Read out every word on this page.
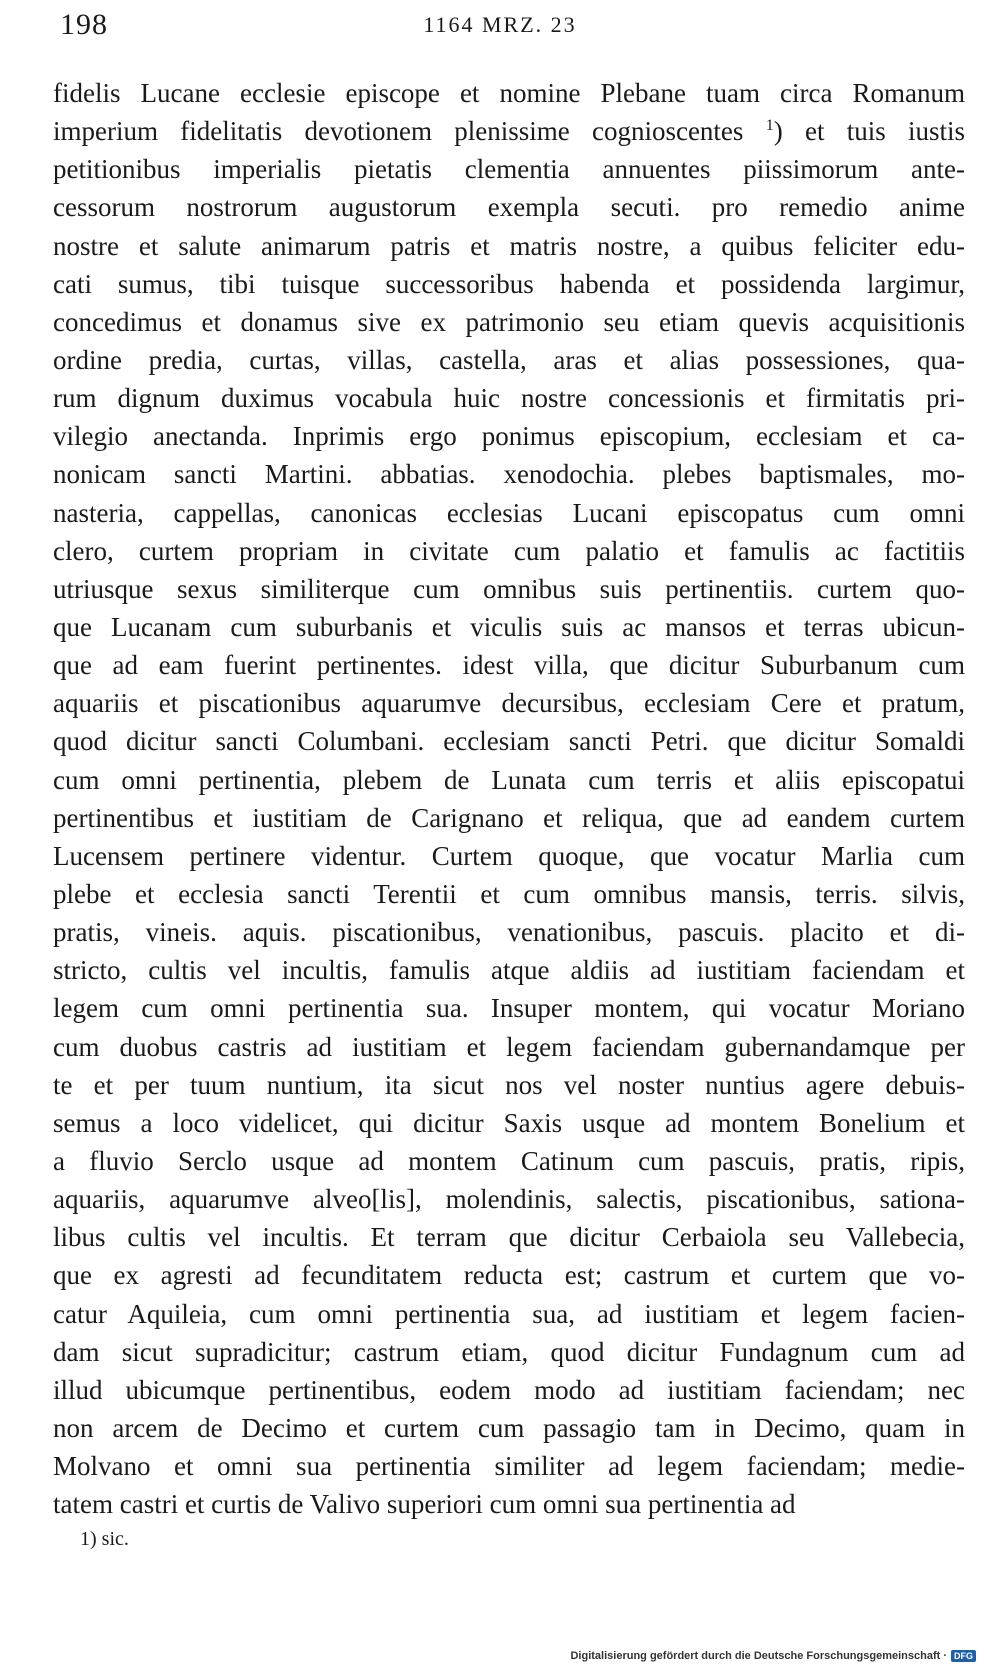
198	1164 MRZ. 23
fidelis Lucane ecclesie episcope et nomine Plebane tuam circa Romanum
imperium fidelitatis devotionem plenissime cognioscentes $^1$) et tuis iustis
petitionibus imperialis pietatis clementia annuentes piissimorum ante-
cessorum nostrorum augustorum exempla secuti. pro remedio anime
nostre et salute animarum patris et matris nostre, a quibus feliciter edu-
cati sumus, tibi tuisque successoribus habenda et possidenda largimur,
concedimus et donamus sive ex patrimonio seu etiam quevis acquisitionis
ordine predia, curtas, villas, castella, aras et alias possessiones, qua-
rum dignum duximus vocabula huic nostre concessionis et firmitatis pri-
vilegio anectanda. Inprimis ergo ponimus episcopium, ecclesiam et ca-
nonicam sancti Martini. abbatias. xenodochia. plebes baptismales, mo-
nasteria, cappellas, canonicas ecclesias Lucani episcopatus cum omni
clero, curtem propriam in civitate cum palatio et famulis ac factitiis
utriusque sexus similiterque cum omnibus suis pertinentiis. curtem quo-
que Lucanam cum suburbanis et viculis suis ac mansos et terras ubicun-
que ad eam fuerint pertinentes. idest villa, que dicitur Suburbanum cum
aquariis et piscationibus aquarumve decursibus, ecclesiam Cere et pratum,
quod dicitur sancti Columbani. ecclesiam sancti Petri. que dicitur Somaldi
cum omni pertinentia, plebem de Lunata cum terris et aliis episcopatui
pertinentibus et iustitiam de Carignano et reliqua, que ad eandem curtem
Lucensem pertinere videntur. Curtem quoque, que vocatur Marlia cum
plebe et ecclesia sancti Terentii et cum omnibus mansis, terris. silvis,
pratis, vineis. aquis. piscationibus, venationibus, pascuis. placito et di-
stricto, cultis vel incultis, famulis atque aldiis ad iustitiam faciendam et
legem cum omni pertinentia sua. Insuper montem, qui vocatur Moriano
cum duobus castris ad iustitiam et legem faciendam gubernandamque per
te et per tuum nuntium, ita sicut nos vel noster nuntius agere debuis-
semus a loco videlicet, qui dicitur Saxis usque ad montem Bonelium et
a fluvio Serclo usque ad montem Catinum cum pascuis, pratis, ripis,
aquariis, aquarumve alveo[lis], molendinis, salectis, piscationibus, sationa-
libus cultis vel incultis. Et terram que dicitur Cerbaiola seu Vallebecia,
que ex agresti ad fecunditatem reducta est; castrum et curtem que vo-
catur Aquileia, cum omni pertinentia sua, ad iustitiam et legem facien-
dam sicut supradicitur; castrum etiam, quod dicitur Fundagnum cum ad
illud ubicumque pertinentibus, eodem modo ad iustitiam faciendam; nec
non arcem de Decimo et curtem cum passagio tam in Decimo, quam in
Molvano et omni sua pertinentia similiter ad legem faciendam; medie-
tatem castri et curtis de Valivo superiori cum omni sua pertinentia ad
1) sic.
Digitalisierung gefördert durch die Deutsche Forschungsgemeinschaft · DFG
